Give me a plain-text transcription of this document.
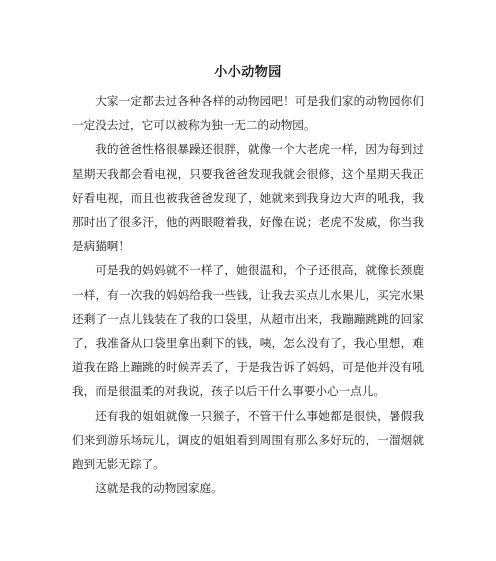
小小动物园

大家一定都去过各种各样的动物园吧！可是我们家的动物园你们一定没去过，它可以被称为独一无二的动物园。

我的爸爸性格很暴躁还很胖，就像一个大老虎一样，因为每到过星期天我都会看电视，只要我爸爸发现我就会很修，这个星期天我正好看电视，而且也被我爸爸发现了，她就来到我身边大声的吼我，我那时出了很多汗，他的两眼瞪着我，好像在说；老虎不发威，你当我是病猫啊！

可是我的妈妈就不一样了，她很温和，个子还很高，就像长颈鹿一样，有一次我的妈妈给我一些钱，让我去买点儿水果儿，买完水果还剩了一点儿钱装在了我的口袋里，从超市出来，我蹦蹦跳跳的回家了，我准备从口袋里拿出剩下的钱，咦，怎么没有了，我心里想，难道我在路上蹦跳的时候弄丢了，于是我告诉了妈妈，可是他并没有吼我，而是很温柔的对我说，孩子以后干什么事要小心一点儿。

还有我的姐姐就像一只猴子，不管干什么事她都是很快，暑假我们来到游乐场玩儿，调皮的姐姐看到周围有那么多好玩的，一溜烟就跑到无影无踪了。

这就是我的动物园家庭。
